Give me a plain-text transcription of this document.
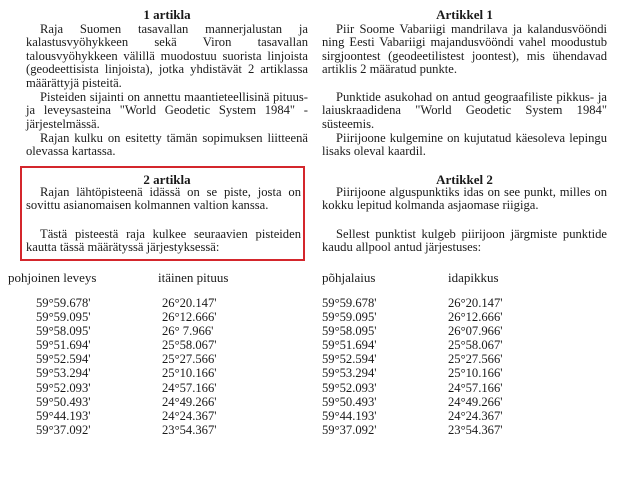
1 artikla

Raja Suomen tasavallan mannerjalustan ja kalastusvyöhykkeen sekä Viron tasavallan talousvyöhykkeen välillä muodostuu suorista linjoista (geodeettisista linjoista), jotka yhdistävät 2 artiklassa määrättyjä pisteitä.

Pisteiden sijainti on annettu maantieteellisinä pituus- ja leveysasteina "World Geodetic System 1984" -järjestelmässä.

Rajan kulku on esitetty tämän sopimuksen liitteenä olevassa kartassa.

2 artikla

Rajan lähtöpisteenä idässä on se piste, josta on sovittu asianomaisen kolmannen valtion kanssa.

Tästä pisteestä raja kulkee seuraavien pisteiden kautta tässä määrätyssä järjestyksessä:

pohjoinen leveys	itäinen pituus
59°59.678'	26°20.147'
59°59.095'	26°12.666'
59°58.095'	26° 7.966'
59°51.694'	25°58.067'
59°52.594'	25°27.566'
59°53.294'	25°10.166'
59°52.093'	24°57.166'
59°50.493'	24°49.266'
59°44.193'	24°24.367'
59°37.092'	23°54.367'
Artikkel 1

Piir Soome Vabariigi mandrilava ja kalandusvööndi ning Eesti Vabariigi majandusvööndi vahel moodustub sirgjoontest (geodeetilistest joontest), mis ühendavad artiklis 2 määratud punkte.

Punktide asukohad on antud geograafiliste pikkus- ja laiuskraadidena "World Geodetic System 1984" süsteemis.

Piirijoone kulgemine on kujutatud käesoleva lepingu lisaks oleval kaardil.

Artikkel 2

Piirijoone alguspunktiks idas on see punkt, milles on kokku lepitud kolmanda asjaomase riigiga.

Sellest punktist kulgeb piirijoon järgmiste punktide kaudu allpool antud järjestuses:

põhjalaius	idapikkus
59°59.678'	26°20.147'
59°59.095'	26°12.666'
59°58.095'	26°07.966'
59°51.694'	25°58.067'
59°52.594'	25°27.566'
59°53.294'	25°10.166'
59°52.093'	24°57.166'
59°50.493'	24°49.266'
59°44.193'	24°24.367'
59°37.092'	23°54.367'
